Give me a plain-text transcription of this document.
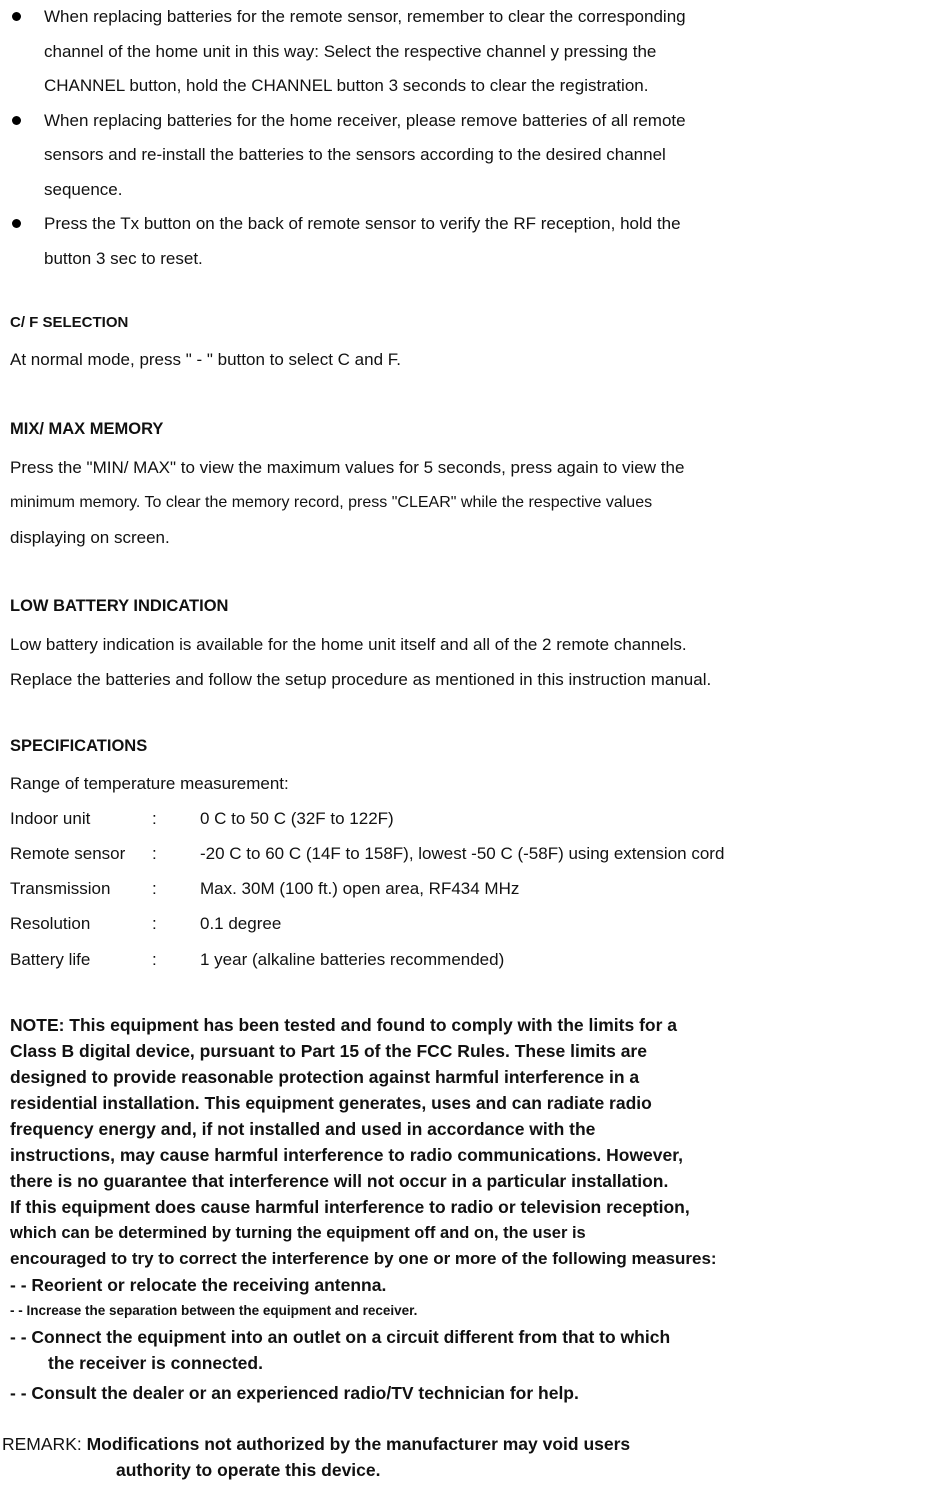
When replacing batteries for the remote sensor, remember to clear the corresponding
channel of the home unit in this way: Select the respective channel y pressing the
CHANNEL button, hold the CHANNEL button 3 seconds to clear the registration.
When replacing batteries for the home receiver, please remove batteries of all remote
sensors and re-install the batteries to the sensors according to the desired channel
sequence.
Press the Tx button on the back of remote sensor to verify the RF reception, hold the
button 3 sec to reset.
C/ F SELECTION
At normal mode, press " - " button to select C and F.
MIX/ MAX MEMORY
Press the "MIN/ MAX" to view the maximum values for 5 seconds, press again to view the
minimum memory. To clear the memory record, press "CLEAR" while the respective values
displaying on screen.
LOW BATTERY INDICATION
Low battery indication is available for the home unit itself and all of the 2 remote channels.
Replace the batteries and follow the setup procedure as mentioned in this instruction manual.
SPECIFICATIONS
Range of temperature measurement:
Indoor unit	:	0 C to 50 C (32F to 122F)
Remote sensor :	-20 C to 60 C (14F to 158F), lowest -50 C (-58F) using extension cord
Transmission :	Max. 30M (100 ft.) open area, RF434 MHz
Resolution	:	0.1 degree
Battery life	:	1 year (alkaline batteries recommended)
NOTE: This equipment has been tested and found to comply with the limits for a
Class B digital device, pursuant to Part 15 of the FCC Rules. These limits are
designed to provide reasonable protection against harmful interference in a
residential installation. This equipment generates, uses and can radiate radio
frequency energy and, if not installed and used in accordance with the
instructions, may cause harmful interference to radio communications. However,
there is no guarantee that interference will not occur in a particular installation.
If this equipment does cause harmful interference to radio or television reception,
which can be determined by turning the equipment off and on, the user is
encouraged to try to correct the interference by one or more of the following measures:
- - Reorient or relocate the receiving antenna.
- - Increase the separation between the equipment and receiver.
- - Connect the equipment into an outlet on a circuit different from that to which
the receiver is connected.
- - Consult the dealer or an experienced radio/TV technician for help.
REMARK: Modifications not authorized by the manufacturer may void users
authority to operate this device.
